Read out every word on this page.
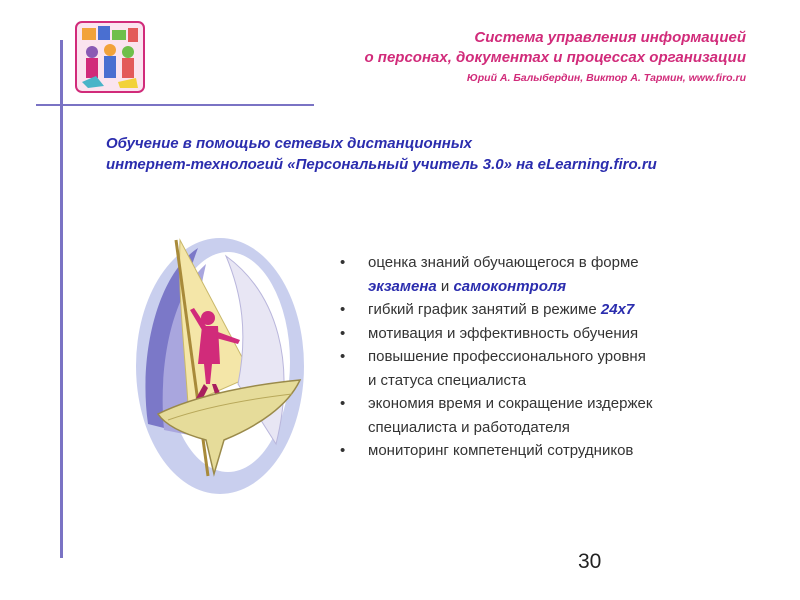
Система управления информацией
о персонах, документах и процессах организации
Юрий А. Балыбердин, Виктор А. Тармин, www.firo.ru
Обучение в помощью сетевых дистанционных
интернет-технологий «Персональный учитель 3.0» на eLearning.firo.ru
• оценка знаний обучающегося в форме
экзамена и самоконтроля
• гибкий график занятий в режиме 24x7
• мотивация и эффективность обучения
• повышение профессионального уровня
и статуса специалиста
• экономия время и сокращение издержек
специалиста и работодателя
• мониторинг компетенций сотрудников
30
